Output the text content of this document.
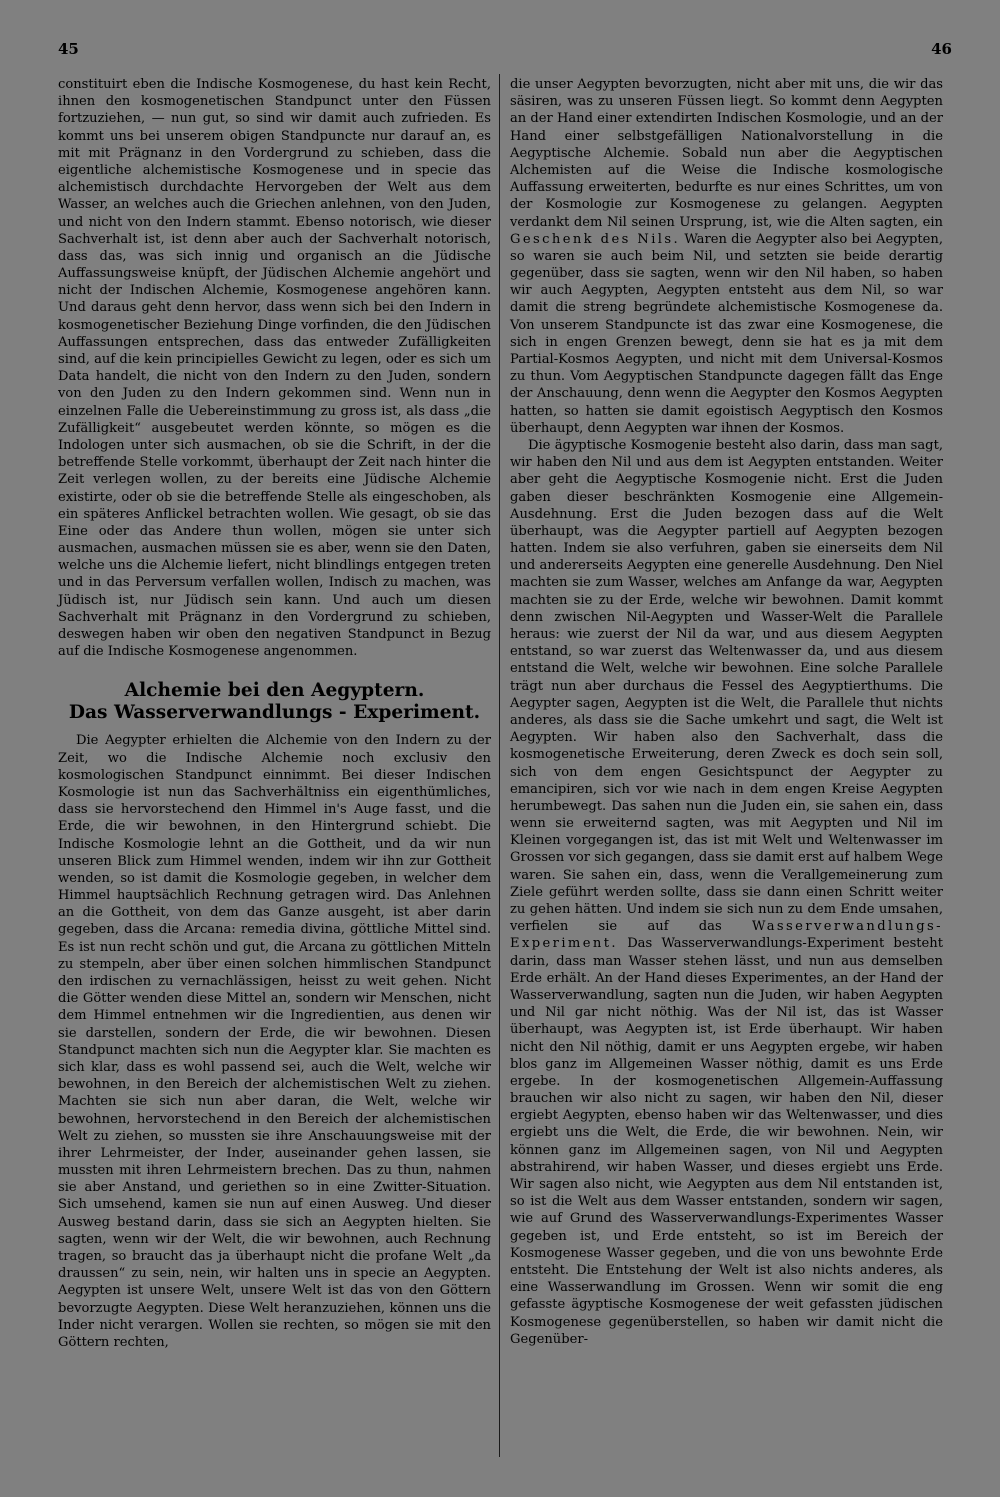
45	46

constituirt eben die Indische Kosmogenese, du hast kein Recht, ihnen den kosmogenetischen Standpunct unter den Füssen fortzuziehen, — nun gut, so sind wir damit auch zufrieden. Es kommt uns bei unserem obigen Standpuncte nur darauf an, es mit mit Prägnanz in den Vordergrund zu schieben, dass die eigentliche alchemistische Kosmogenese und in specie das alchemistisch durchdachte Hervorgeben der Welt aus dem Wasser, an welches auch die Griechen anlehnen, von den Juden, und nicht von den Indern stammt. Ebenso notorisch, wie dieser Sachverhalt ist, ist denn aber auch der Sachverhalt notorisch, dass das, was sich innig und organisch an die Jüdische Auffassungsweise knüpft, der Jüdischen Alchemie angehört und nicht der Indischen Alchemie, Kosmogenese angehören kann. Und daraus geht denn hervor, dass wenn sich bei den Indern in kosmogenetischer Beziehung Dinge vorfinden, die den Jüdischen Auffassungen entsprechen, dass das entweder Zufälligkeiten sind, auf die kein principielles Gewicht zu legen, oder es sich um Data handelt, die nicht von den Indern zu den Juden, sondern von den Juden zu den Indern gekommen sind. Wenn nun in einzelnen Falle die Uebereinstimmung zu gross ist, als dass „die Zufälligkeit“ ausgebeutet werden könnte, so mögen es die Indologen unter sich ausmachen, ob sie die Schrift, in der die betreffende Stelle vorkommt, überhaupt der Zeit nach hinter die Zeit verlegen wollen, zu der bereits eine Jüdische Alchemie existirte, oder ob sie die betreffende Stelle als eingeschoben, als ein späteres Anflickel betrachten wollen. Wie gesagt, ob sie das Eine oder das Andere thun wollen, mögen sie unter sich ausmachen, ausmachen müssen sie es aber, wenn sie den Daten, welche uns die Alchemie liefert, nicht blindlings entgegen treten und in das Perversum verfallen wollen, Indisch zu machen, was Jüdisch ist, nur Jüdisch sein kann. Und auch um diesen Sachverhalt mit Prägnanz in den Vordergrund zu schieben, deswegen haben wir oben den negativen Standpunct in Bezug auf die Indische Kosmogenese angenommen.

Alchemie bei den Aegyptern.
Das Wasserverwandlungs - Experiment.

Die Aegypter erhielten die Alchemie von den Indern zu der Zeit, wo die Indische Alchemie noch exclusiv den kosmologischen Standpunct einnimmt. Bei dieser Indischen Kosmologie ist nun das Sachverhältniss ein eigenthümliches, dass sie hervorstechend den Himmel in's Auge fasst, und die Erde, die wir bewohnen, in den Hintergrund schiebt. Die Indische Kosmologie lehnt an die Gottheit, und da wir nun unseren Blick zum Himmel wenden, indem wir ihn zur Gottheit wenden, so ist damit die Kosmologie gegeben, in welcher dem Himmel hauptsächlich Rechnung getragen wird. Das Anlehnen an die Gottheit, von dem das Ganze ausgeht, ist aber darin gegeben, dass die Arcana: remedia divina, göttliche Mittel sind. Es ist nun recht schön und gut, die Arcana zu göttlichen Mitteln zu stempeln, aber über einen solchen himmlischen Standpunct den irdischen zu vernachlässigen, heisst zu weit gehen. Nicht die Götter wenden diese Mittel an, sondern wir Menschen, nicht dem Himmel entnehmen wir die Ingredientien, aus denen wir sie darstellen, sondern der Erde, die wir bewohnen. Diesen Standpunct machten sich nun die Aegypter klar. Sie machten es sich klar, dass es wohl passend sei, auch die Welt, welche wir bewohnen, in den Bereich der alchemistischen Welt zu ziehen. Machten sie sich nun aber daran, die Welt, welche wir bewohnen, hervorstechend in den Bereich der alchemistischen Welt zu ziehen, so mussten sie ihre Anschauungsweise mit der ihrer Lehrmeister, der Inder, auseinander gehen lassen, sie mussten mit ihren Lehrmeistern brechen. Das zu thun, nahmen sie aber Anstand, und geriethen so in eine Zwitter-Situation. Sich umsehend, kamen sie nun auf einen Ausweg. Und dieser Ausweg bestand darin, dass sie sich an Aegypten hielten. Sie sagten, wenn wir der Welt, die wir bewohnen, auch Rechnung tragen, so braucht das ja überhaupt nicht die profane Welt „da draussen“ zu sein, nein, wir halten uns in specie an Aegypten. Aegypten ist unsere Welt, unsere Welt ist das von den Göttern bevorzugte Aegypten. Diese Welt heranzuziehen, können uns die Inder nicht verargen. Wollen sie rechten, so mögen sie mit den Göttern rechten,

die unser Aegypten bevorzugten, nicht aber mit uns, die wir das säsiren, was zu unseren Füssen liegt. So kommt denn Aegypten an der Hand einer extendirten Indischen Kosmologie, und an der Hand einer selbstgefälligen Nationalvorstellung in die Aegyptische Alchemie. Sobald nun aber die Aegyptischen Alchemisten auf die Weise die Indische kosmologische Auffassung erweiterten, bedurfte es nur eines Schrittes, um von der Kosmologie zur Kosmogenese zu gelangen. Aegypten verdankt dem Nil seinen Ursprung, ist, wie die Alten sagten, ein Geschenk des Nils. Waren die Aegypter also bei Aegypten, so waren sie auch beim Nil, und setzten sie beide derartig gegenüber, dass sie sagten, wenn wir den Nil haben, so haben wir auch Aegypten, Aegypten entsteht aus dem Nil, so war damit die streng begründete alchemistische Kosmogenese da. Von unserem Standpuncte ist das zwar eine Kosmogenese, die sich in engen Grenzen bewegt, denn sie hat es ja mit dem Partial-Kosmos Aegypten, und nicht mit dem Universal-Kosmos zu thun. Vom Aegyptischen Standpuncte dagegen fällt das Enge der Anschauung, denn wenn die Aegypter den Kosmos Aegypten hatten, so hatten sie damit egoistisch Aegyptisch den Kosmos überhaupt, denn Aegypten war ihnen der Kosmos.

Die ägyptische Kosmogenie besteht also darin, dass man sagt, wir haben den Nil und aus dem ist Aegypten entstanden. Weiter aber geht die Aegyptische Kosmogenie nicht. Erst die Juden gaben dieser beschränkten Kosmogenie eine Allgemein-Ausdehnung. Erst die Juden bezogen dass auf die Welt überhaupt, was die Aegypter partiell auf Aegypten bezogen hatten. Indem sie also verfuhren, gaben sie einerseits dem Nil und andererseits Aegypten eine generelle Ausdehnung. Den Niel machten sie zum Wasser, welches am Anfange da war, Aegypten machten sie zu der Erde, welche wir bewohnen. Damit kommt denn zwischen Nil-Aegypten und Wasser-Welt die Parallele heraus: wie zuerst der Nil da war, und aus diesem Aegypten entstand, so war zuerst das Weltenwasser da, und aus diesem entstand die Welt, welche wir bewohnen. Eine solche Parallele trägt nun aber durchaus die Fessel des Aegyptierthums. Die Aegypter sagen, Aegypten ist die Welt, die Parallele thut nichts anderes, als dass sie die Sache umkehrt und sagt, die Welt ist Aegypten. Wir haben also den Sachverhalt, dass die kosmogenetische Erweiterung, deren Zweck es doch sein soll, sich von dem engen Gesichtspunct der Aegypter zu emancipiren, sich vor wie nach in dem engen Kreise Aegypten herumbewegt. Das sahen nun die Juden ein, sie sahen ein, dass wenn sie erweiternd sagten, was mit Aegypten und Nil im Kleinen vorgegangen ist, das ist mit Welt und Weltenwasser im Grossen vor sich gegangen, dass sie damit erst auf halbem Wege waren. Sie sahen ein, dass, wenn die Verallgemeinerung zum Ziele geführt werden sollte, dass sie dann einen Schritt weiter zu gehen hätten. Und indem sie sich nun zu dem Ende umsahen, verfielen sie auf das Wasserverwandlungs-Experiment. Das Wasserverwandlungs-Experiment besteht darin, dass man Wasser stehen lässt, und nun aus demselben Erde erhält. An der Hand dieses Experimentes, an der Hand der Wasserverwandlung, sagten nun die Juden, wir haben Aegypten und Nil gar nicht nöthig. Was der Nil ist, das ist Wasser überhaupt, was Aegypten ist, ist Erde überhaupt. Wir haben nicht den Nil nöthig, damit er uns Aegypten ergebe, wir haben blos ganz im Allgemeinen Wasser nöthig, damit es uns Erde ergebe. In der kosmogenetischen Allgemein-Auffassung brauchen wir also nicht zu sagen, wir haben den Nil, dieser ergiebt Aegypten, ebenso haben wir das Weltenwasser, und dies ergiebt uns die Welt, die Erde, die wir bewohnen. Nein, wir können ganz im Allgemeinen sagen, von Nil und Aegypten abstrahirend, wir haben Wasser, und dieses ergiebt uns Erde. Wir sagen also nicht, wie Aegypten aus dem Nil entstanden ist, so ist die Welt aus dem Wasser entstanden, sondern wir sagen, wie auf Grund des Wasserverwandlungs-Experimentes Wasser gegeben ist, und Erde entsteht, so ist im Bereich der Kosmogenese Wasser gegeben, und die von uns bewohnte Erde entsteht. Die Entstehung der Welt ist also nichts anderes, als eine Wasserwandlung im Grossen. Wenn wir somit die eng gefasste ägyptische Kosmogenese der weit gefassten jüdischen Kosmogenese gegenüberstellen, so haben wir damit nicht die Gegenüber-
